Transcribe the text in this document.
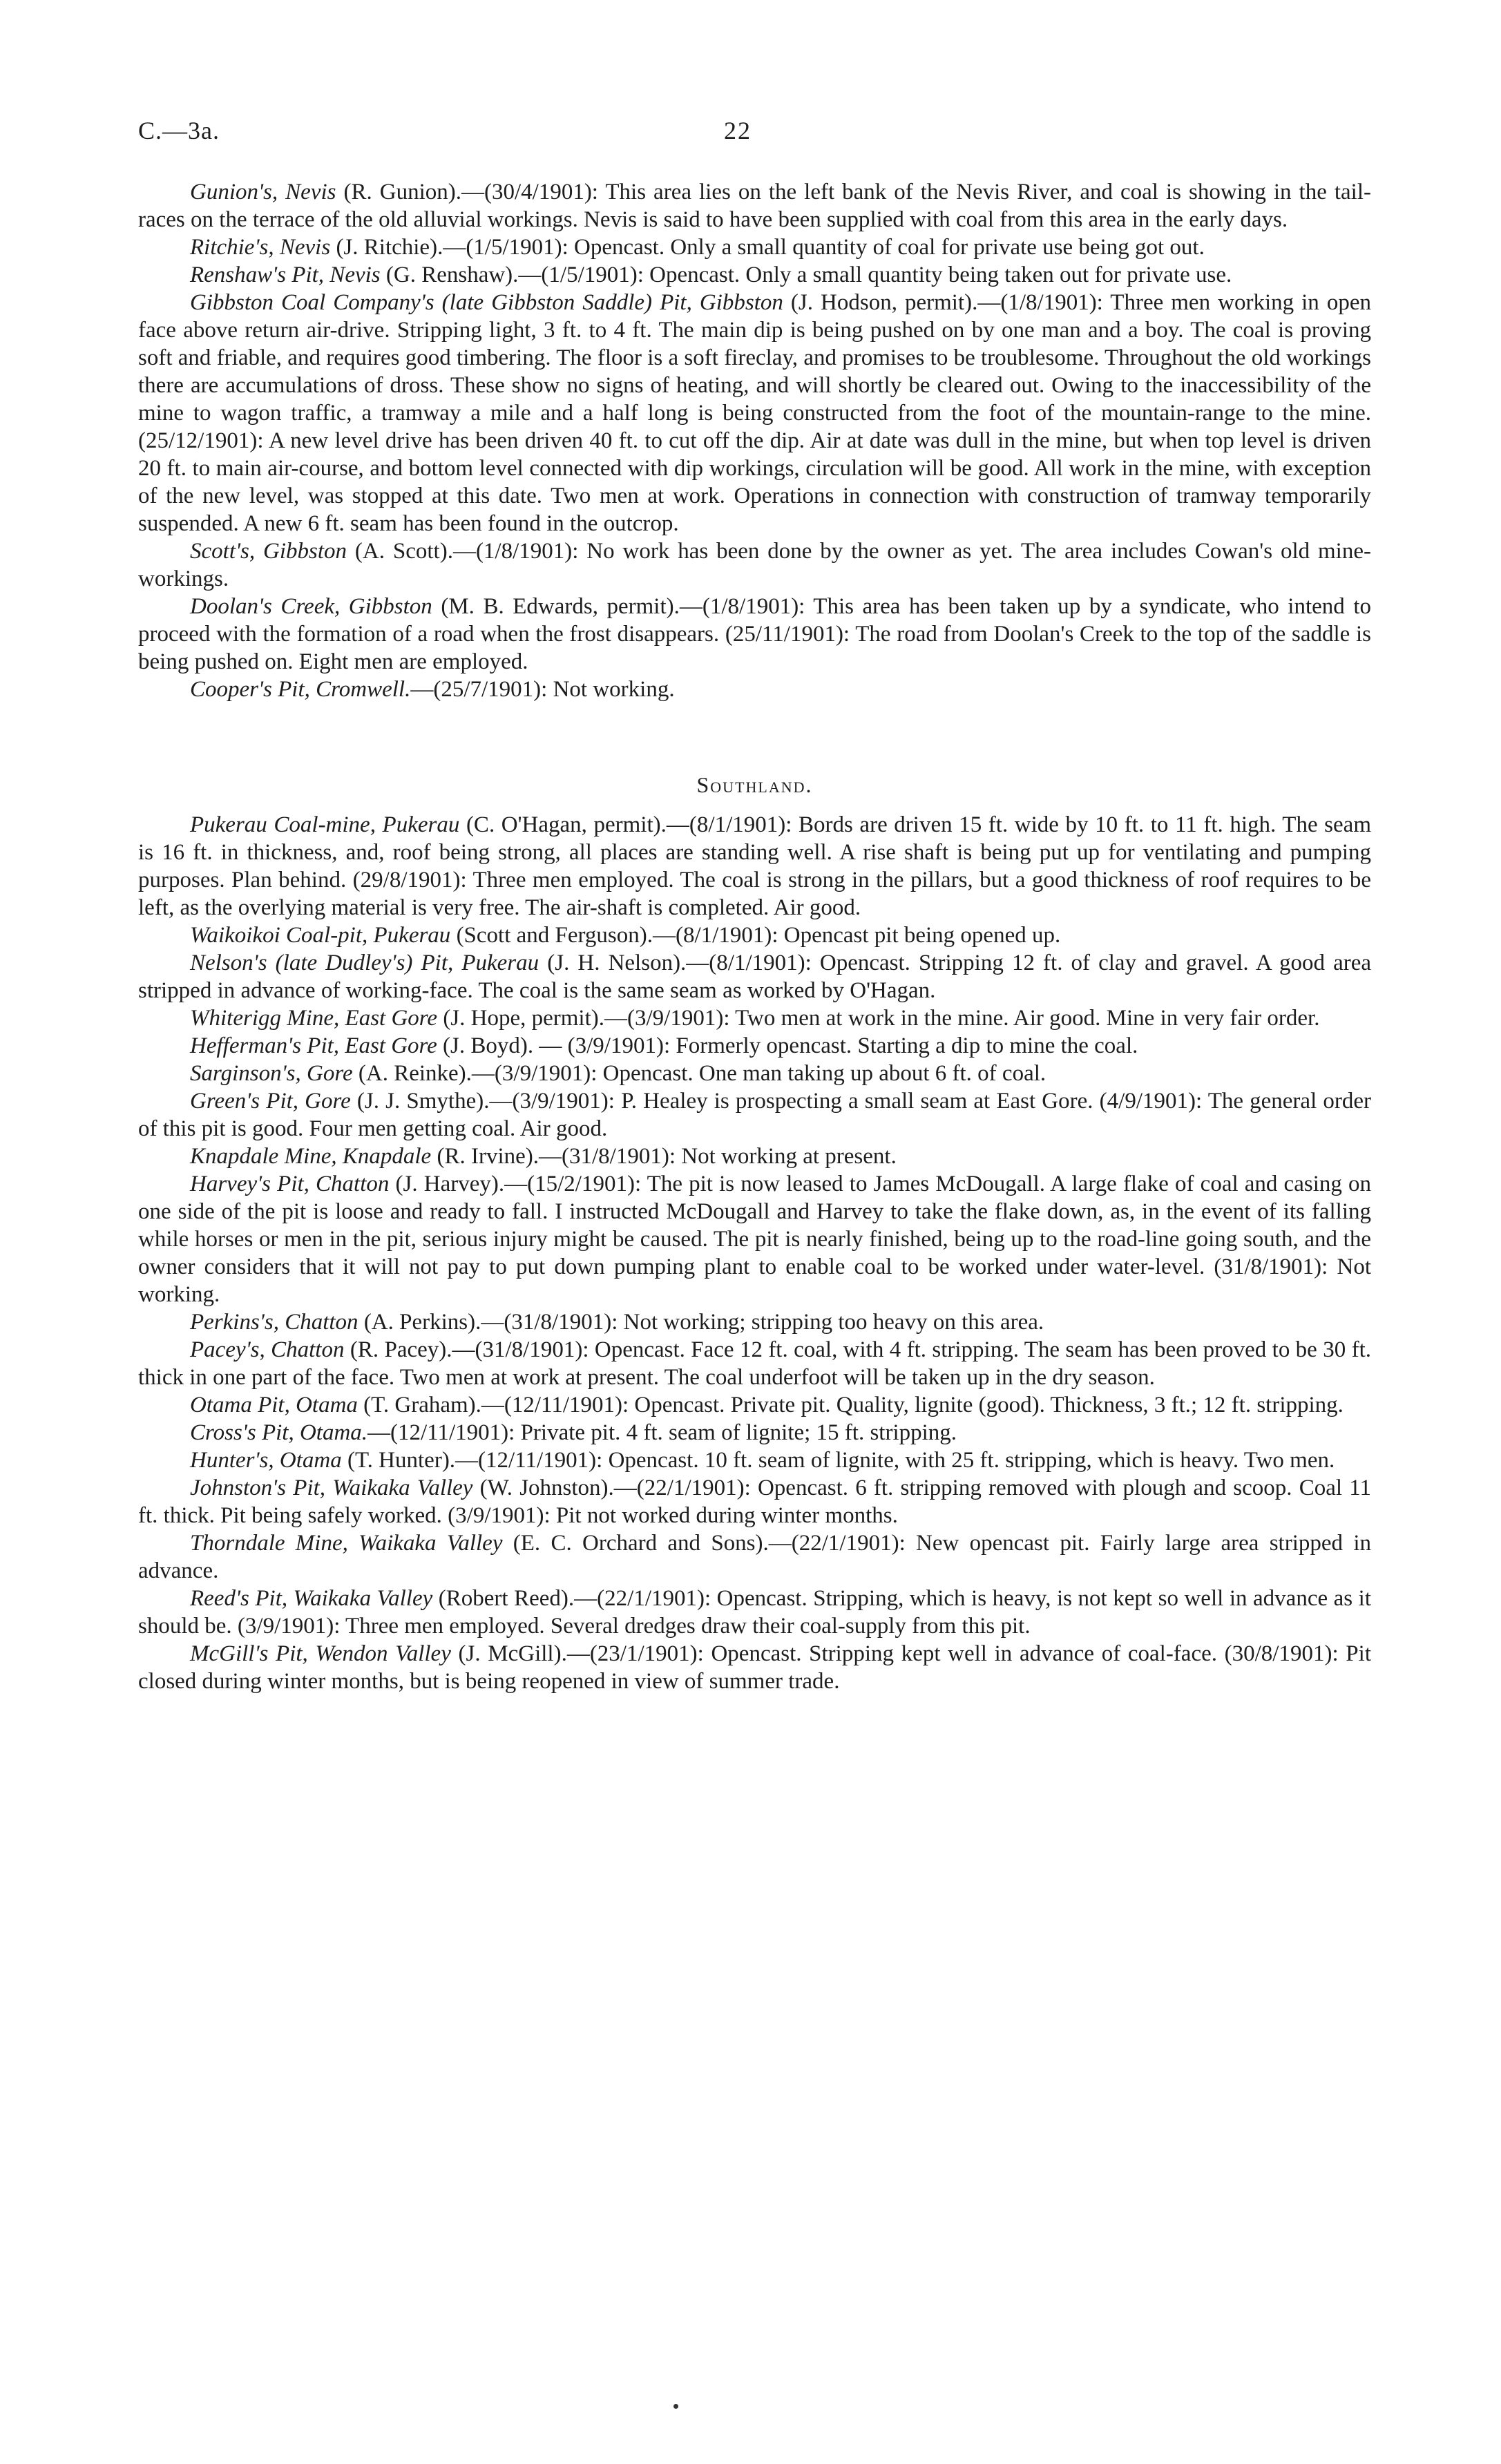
C.—3a.	22

Gunion's, Nevis (R. Gunion).—(30/4/1901): This area lies on the left bank of the Nevis River, and coal is showing in the tail-races on the terrace of the old alluvial workings. Nevis is said to have been supplied with coal from this area in the early days.

Ritchie's, Nevis (J. Ritchie).—(1/5/1901): Opencast. Only a small quantity of coal for private use being got out.

Renshaw's Pit, Nevis (G. Renshaw).—(1/5/1901): Opencast. Only a small quantity being taken out for private use.

Gibbston Coal Company's (late Gibbston Saddle) Pit, Gibbston (J. Hodson, permit).—(1/8/1901): Three men working in open face above return air-drive. Stripping light, 3 ft. to 4 ft. The main dip is being pushed on by one man and a boy. The coal is proving soft and friable, and requires good timbering. The floor is a soft fireclay, and promises to be troublesome. Throughout the old workings there are accumulations of dross. These show no signs of heating, and will shortly be cleared out. Owing to the inaccessibility of the mine to wagon traffic, a tramway a mile and a half long is being constructed from the foot of the mountain-range to the mine. (25/12/1901): A new level drive has been driven 40 ft. to cut off the dip. Air at date was dull in the mine, but when top level is driven 20 ft. to main air-course, and bottom level connected with dip workings, circulation will be good. All work in the mine, with exception of the new level, was stopped at this date. Two men at work. Operations in connection with construction of tramway temporarily suspended. A new 6 ft. seam has been found in the outcrop.

Scott's, Gibbston (A. Scott).—(1/8/1901): No work has been done by the owner as yet. The area includes Cowan's old mine-workings.

Doolan's Creek, Gibbston (M. B. Edwards, permit).—(1/8/1901): This area has been taken up by a syndicate, who intend to proceed with the formation of a road when the frost disappears. (25/11/1901): The road from Doolan's Creek to the top of the saddle is being pushed on. Eight men are employed.

Cooper's Pit, Cromwell.—(25/7/1901): Not working.

Southland.

Pukerau Coal-mine, Pukerau (C. O'Hagan, permit).—(8/1/1901): Bords are driven 15 ft. wide by 10 ft. to 11 ft. high. The seam is 16 ft. in thickness, and, roof being strong, all places are standing well. A rise shaft is being put up for ventilating and pumping purposes. Plan behind. (29/8/1901): Three men employed. The coal is strong in the pillars, but a good thickness of roof requires to be left, as the overlying material is very free. The air-shaft is completed. Air good.

Waikoikoi Coal-pit, Pukerau (Scott and Ferguson).—(8/1/1901): Opencast pit being opened up.

Nelson's (late Dudley's) Pit, Pukerau (J. H. Nelson).—(8/1/1901): Opencast. Stripping 12 ft. of clay and gravel. A good area stripped in advance of working-face. The coal is the same seam as worked by O'Hagan.

Whiterigg Mine, East Gore (J. Hope, permit).—(3/9/1901): Two men at work in the mine. Air good. Mine in very fair order.

Hefferman's Pit, East Gore (J. Boyd). — (3/9/1901): Formerly opencast. Starting a dip to mine the coal.

Sarginson's, Gore (A. Reinke).—(3/9/1901): Opencast. One man taking up about 6 ft. of coal.

Green's Pit, Gore (J. J. Smythe).—(3/9/1901): P. Healey is prospecting a small seam at East Gore. (4/9/1901): The general order of this pit is good. Four men getting coal. Air good.

Knapdale Mine, Knapdale (R. Irvine).—(31/8/1901): Not working at present.

Harvey's Pit, Chatton (J. Harvey).—(15/2/1901): The pit is now leased to James McDougall. A large flake of coal and casing on one side of the pit is loose and ready to fall. I instructed McDougall and Harvey to take the flake down, as, in the event of its falling while horses or men in the pit, serious injury might be caused. The pit is nearly finished, being up to the road-line going south, and the owner considers that it will not pay to put down pumping plant to enable coal to be worked under water-level. (31/8/1901): Not working.

Perkins's, Chatton (A. Perkins).—(31/8/1901): Not working; stripping too heavy on this area.

Pacey's, Chatton (R. Pacey).—(31/8/1901): Opencast. Face 12 ft. coal, with 4 ft. stripping. The seam has been proved to be 30 ft. thick in one part of the face. Two men at work at present. The coal underfoot will be taken up in the dry season.

Otama Pit, Otama (T. Graham).—(12/11/1901): Opencast. Private pit. Quality, lignite (good). Thickness, 3 ft.; 12 ft. stripping.

Cross's Pit, Otama.—(12/11/1901): Private pit. 4 ft. seam of lignite; 15 ft. stripping.

Hunter's, Otama (T. Hunter).—(12/11/1901): Opencast. 10 ft. seam of lignite, with 25 ft. stripping, which is heavy. Two men.

Johnston's Pit, Waikaka Valley (W. Johnston).—(22/1/1901): Opencast. 6 ft. stripping removed with plough and scoop. Coal 11 ft. thick. Pit being safely worked. (3/9/1901): Pit not worked during winter months.

Thorndale Mine, Waikaka Valley (E. C. Orchard and Sons).—(22/1/1901): New opencast pit. Fairly large area stripped in advance.

Reed's Pit, Waikaka Valley (Robert Reed).—(22/1/1901): Opencast. Stripping, which is heavy, is not kept so well in advance as it should be. (3/9/1901): Three men employed. Several dredges draw their coal-supply from this pit.

McGill's Pit, Wendon Valley (J. McGill).—(23/1/1901): Opencast. Stripping kept well in advance of coal-face. (30/8/1901): Pit closed during winter months, but is being reopened in view of summer trade.
